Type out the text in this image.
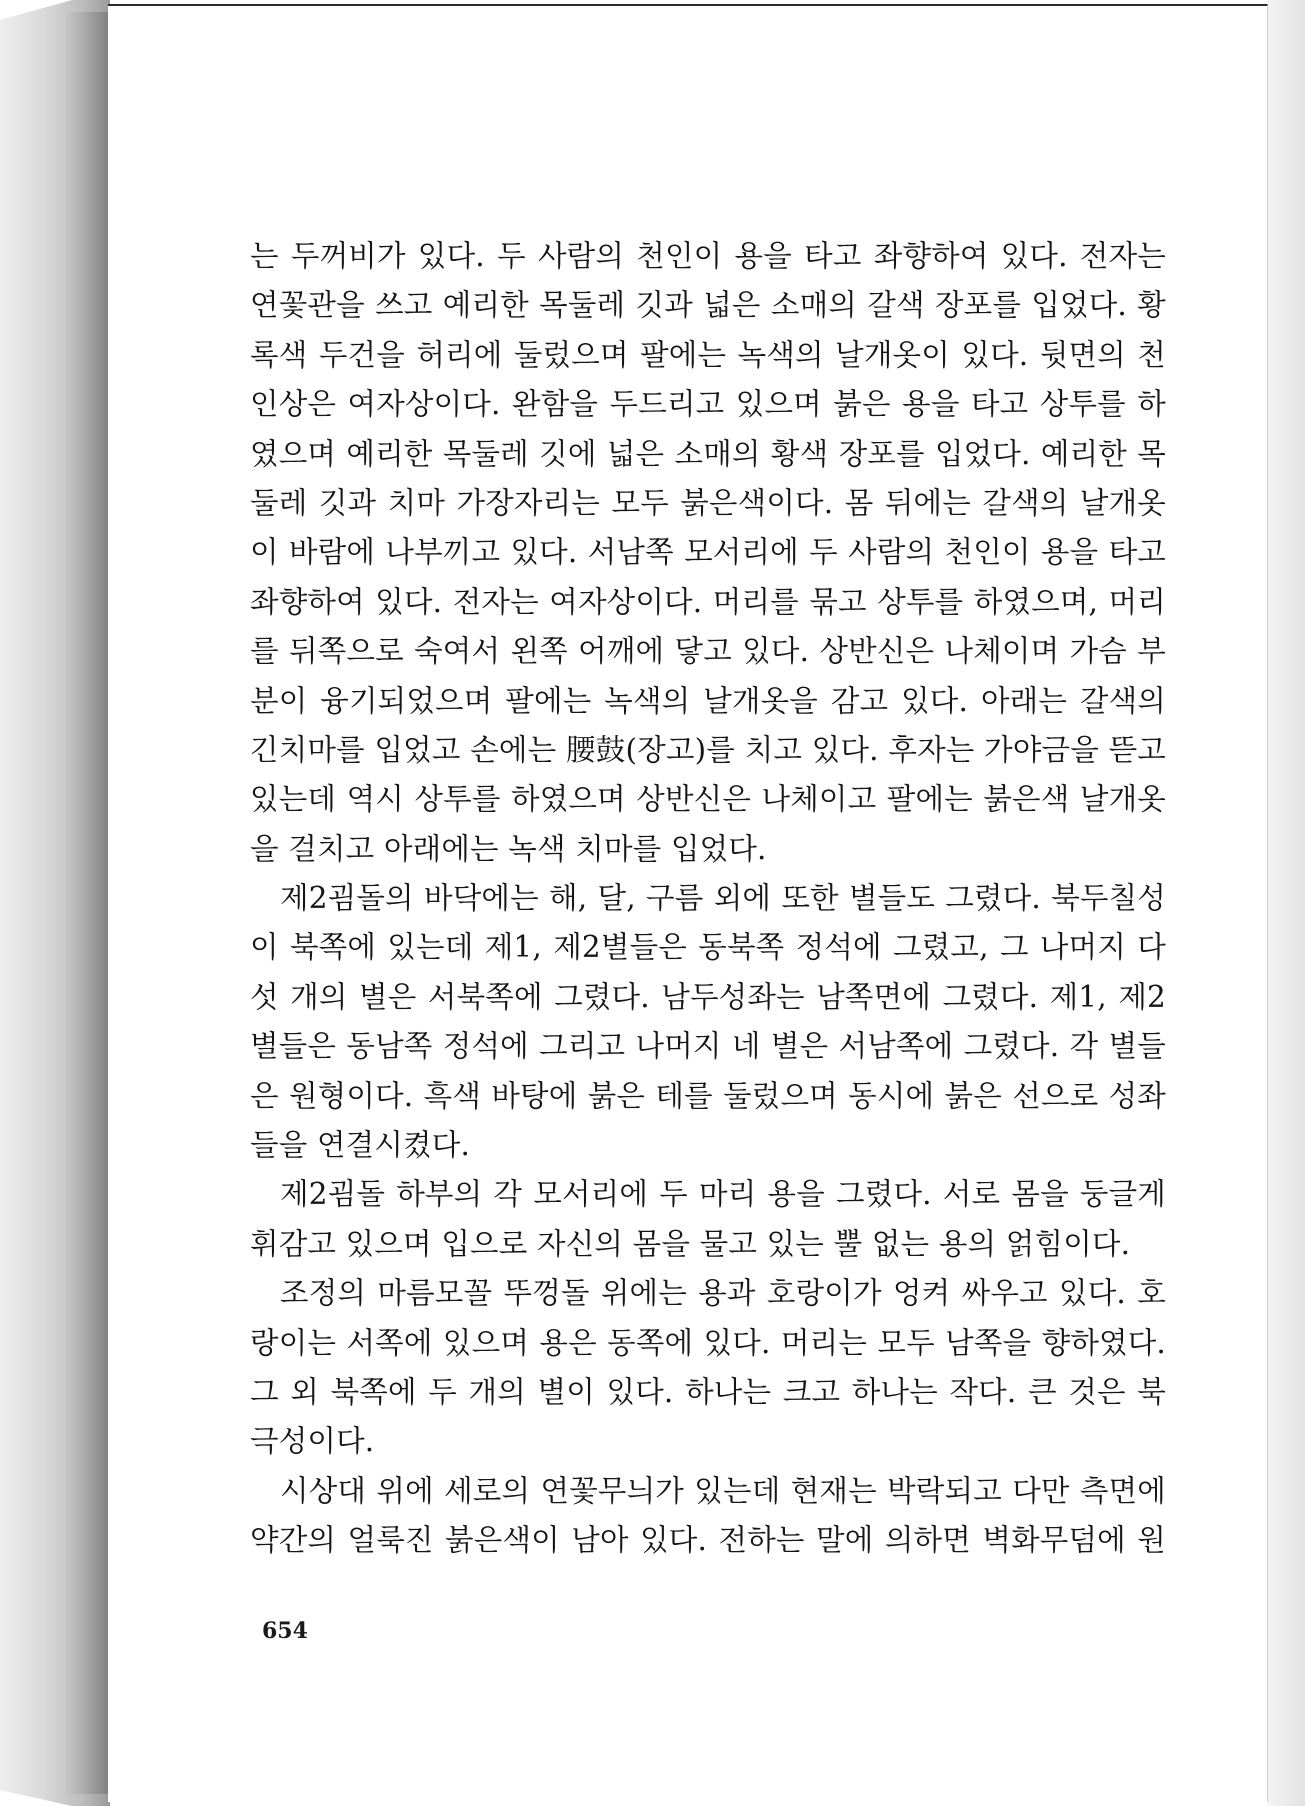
는 두꺼비가 있다. 두 사람의 천인이 용을 타고 좌향하여 있다. 전자는
연꽃관을 쓰고 예리한 목둘레 깃과 넓은 소매의 갈색 장포를 입었다. 황
록색 두건을 허리에 둘렀으며 팔에는 녹색의 날개옷이 있다. 뒷면의 천
인상은 여자상이다. 완함을 두드리고 있으며 붉은 용을 타고 상투를 하
였으며 예리한 목둘레 깃에 넓은 소매의 황색 장포를 입었다. 예리한 목
둘레 깃과 치마 가장자리는 모두 붉은색이다. 몸 뒤에는 갈색의 날개옷
이 바람에 나부끼고 있다. 서남쪽 모서리에 두 사람의 천인이 용을 타고
좌향하여 있다. 전자는 여자상이다. 머리를 묶고 상투를 하였으며, 머리
를 뒤쪽으로 숙여서 왼쪽 어깨에 닿고 있다. 상반신은 나체이며 가슴 부
분이 융기되었으며 팔에는 녹색의 날개옷을 감고 있다. 아래는 갈색의
긴치마를 입었고 손에는 腰鼓(장고)를 치고 있다. 후자는 가야금을 뜯고
있는데 역시 상투를 하였으며 상반신은 나체이고 팔에는 붉은색 날개옷
을 걸치고 아래에는 녹색 치마를 입었다.
제2굄돌의 바닥에는 해, 달, 구름 외에 또한 별들도 그렸다. 북두칠성
이 북쪽에 있는데 제1, 제2별들은 동북쪽 정석에 그렸고, 그 나머지 다
섯 개의 별은 서북쪽에 그렸다. 남두성좌는 남쪽면에 그렸다. 제1, 제2
별들은 동남쪽 정석에 그리고 나머지 네 별은 서남쪽에 그렸다. 각 별들
은 원형이다. 흑색 바탕에 붉은 테를 둘렀으며 동시에 붉은 선으로 성좌
들을 연결시켰다.
제2굄돌 하부의 각 모서리에 두 마리 용을 그렸다. 서로 몸을 둥글게
휘감고 있으며 입으로 자신의 몸을 물고 있는 뿔 없는 용의 얽힘이다.
조정의 마름모꼴 뚜껑돌 위에는 용과 호랑이가 엉켜 싸우고 있다. 호
랑이는 서쪽에 있으며 용은 동쪽에 있다. 머리는 모두 남쪽을 향하였다.
그 외 북쪽에 두 개의 별이 있다. 하나는 크고 하나는 작다. 큰 것은 북
극성이다.
시상대 위에 세로의 연꽃무늬가 있는데 현재는 박락되고 다만 측면에
약간의 얼룩진 붉은색이 남아 있다. 전하는 말에 의하면 벽화무덤에 원
654
